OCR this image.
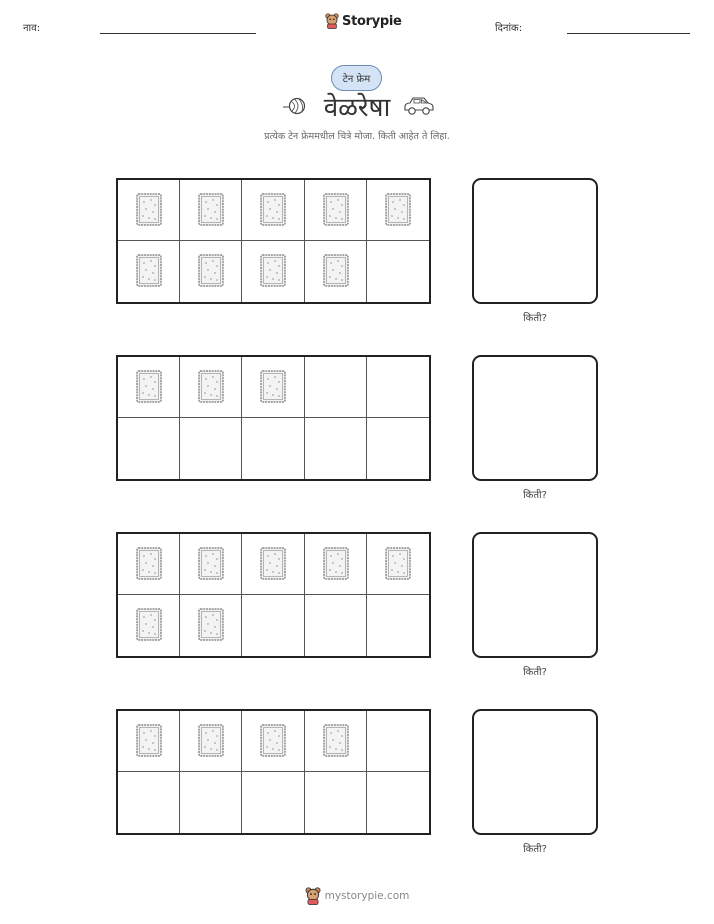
नाव:	Storypie	दिनांक:
टेन फ्रेम
वेळरेषा
प्रत्येक टेन फ्रेममधील चित्रे मोजा. किती आहेत ते लिहा.
किती?
किती?
किती?
किती?
mystorypie.com
